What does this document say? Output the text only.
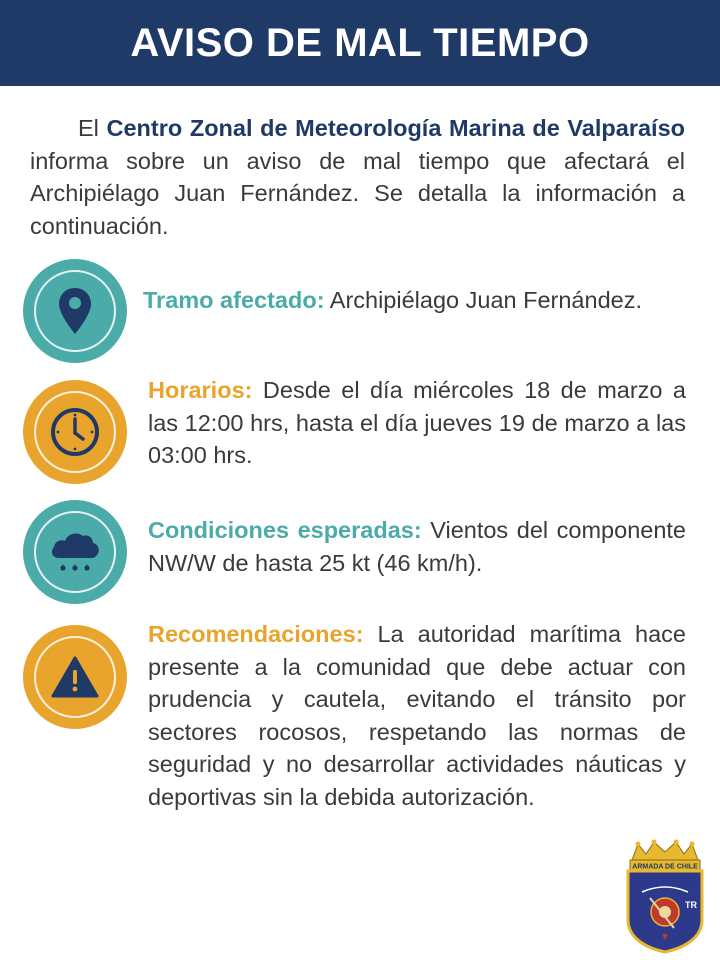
AVISO DE MAL TIEMPO
El Centro Zonal de Meteorología Marina de Valparaíso informa sobre un aviso de mal tiempo que afectará el Archipiélago Juan Fernández. Se detalla la información a continuación.
Tramo afectado: Archipiélago Juan Fernández.
Horarios: Desde el día miércoles 18 de marzo a las 12:00 hrs, hasta el día jueves 19 de marzo a las 03:00 hrs.
Condiciones esperadas: Vientos del componente NW/W de hasta 25 kt (46 km/h).
Recomendaciones: La autoridad marítima hace presente a la comunidad que debe actuar con prudencia y cautela, evitando el tránsito por sectores rocosos, respetando las normas de seguridad y no desarrollar actividades náuticas y deportivas sin la debida autorización.
ARMADA DE CHILE
TR
